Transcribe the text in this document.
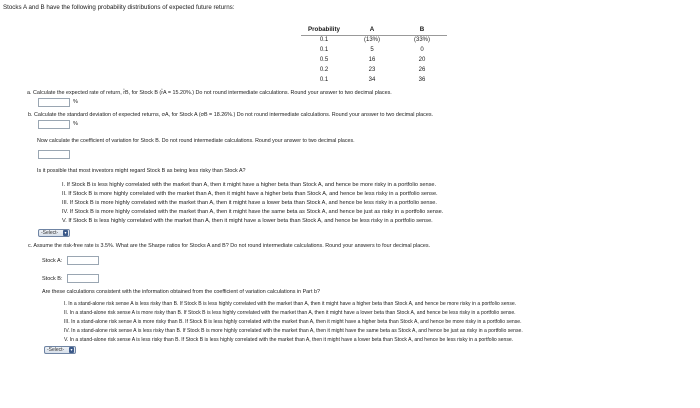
Stocks A and B have the following probability distributions of expected future returns:
Probability	A	B
0.1	(13%)	(33%)
0.1	5	0
0.5	16	20
0.2	23	26
0.1	34	36
a. Calculate the expected rate of return, r̂B, for Stock B (r̂A = 15.20%.) Do not round intermediate calculations. Round your answer to two decimal places.
%
b. Calculate the standard deviation of expected returns, σA, for Stock A (σB = 18.26%.) Do not round intermediate calculations. Round your answer to two decimal places.
%
Now calculate the coefficient of variation for Stock B. Do not round intermediate calculations. Round your answer to two decimal places.
Is it possible that most investors might regard Stock B as being less risky than Stock A?
I. If Stock B is less highly correlated with the market than A, then it might have a higher beta than Stock A, and hence be more risky in a portfolio sense.
II. If Stock B is more highly correlated with the market than A, then it might have a higher beta than Stock A, and hence be less risky in a portfolio sense.
III. If Stock B is more highly correlated with the market than A, then it might have a lower beta than Stock A, and hence be less risky in a portfolio sense.
IV. If Stock B is more highly correlated with the market than A, then it might have the same beta as Stock A, and hence be just as risky in a portfolio sense.
V. If Stock B is less highly correlated with the market than A, then it might have a lower beta than Stock A, and hence be less risky in a portfolio sense.
-Select-	▾
c. Assume the risk-free rate is 3.5%. What are the Sharpe ratios for Stocks A and B? Do not round intermediate calculations. Round your answers to four decimal places.
Stock A:
Stock B:
Are these calculations consistent with the information obtained from the coefficient of variation calculations in Part b?
I. In a stand-alone risk sense A is less risky than B. If Stock B is less highly correlated with the market than A, then it might have a higher beta than Stock A, and hence be more risky in a portfolio sense.
II. In a stand-alone risk sense A is more risky than B. If Stock B is less highly correlated with the market than A, then it might have a lower beta than Stock A, and hence be less risky in a portfolio sense.
III. In a stand-alone risk sense A is more risky than B. If Stock B is less highly correlated with the market than A, then it might have a higher beta than Stock A, and hence be more risky in a portfolio sense.
IV. In a stand-alone risk sense A is less risky than B. If Stock B is more highly correlated with the market than A, then it might have the same beta as Stock A, and hence be just as risky in a portfolio sense.
V. In a stand-alone risk sense A is less risky than B. If Stock B is less highly correlated with the market than A, then it might have a lower beta than Stock A, and hence be less risky in a portfolio sense.
-Select-	▾
